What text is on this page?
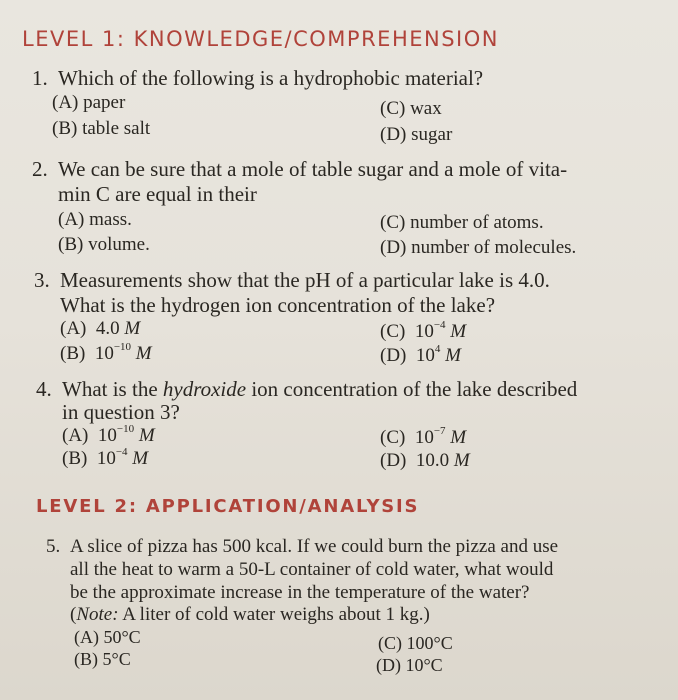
LEVEL 1: KNOWLEDGE/COMPREHENSION
1. Which of the following is a hydrophobic material?
(A) paper
(B) table salt
(C) wax
(D) sugar
2. We can be sure that a mole of table sugar and a mole of vita-
min C are equal in their
(A) mass.
(B) volume.
(C) number of atoms.
(D) number of molecules.
3. Measurements show that the pH of a particular lake is 4.0.
What is the hydrogen ion concentration of the lake?
(A) 4.0 M
(B) $10^{-10}$ M
(C) $10^{-4}$ M
(D) $10^4$ M
4. What is the hydroxide ion concentration of the lake described
in question 3?
(A) $10^{-10}$ M
(B) $10^{-4}$ M
(C) $10^{-7}$ M
(D) 10.0 M
LEVEL 2: APPLICATION/ANALYSIS
5. A slice of pizza has 500 kcal. If we could burn the pizza and use
all the heat to warm a 50-L container of cold water, what would
be the approximate increase in the temperature of the water?
(Note: A liter of cold water weighs about 1 kg.)
(A) 50°C
(B) 5°C
(C) 100°C
(D) 10°C
